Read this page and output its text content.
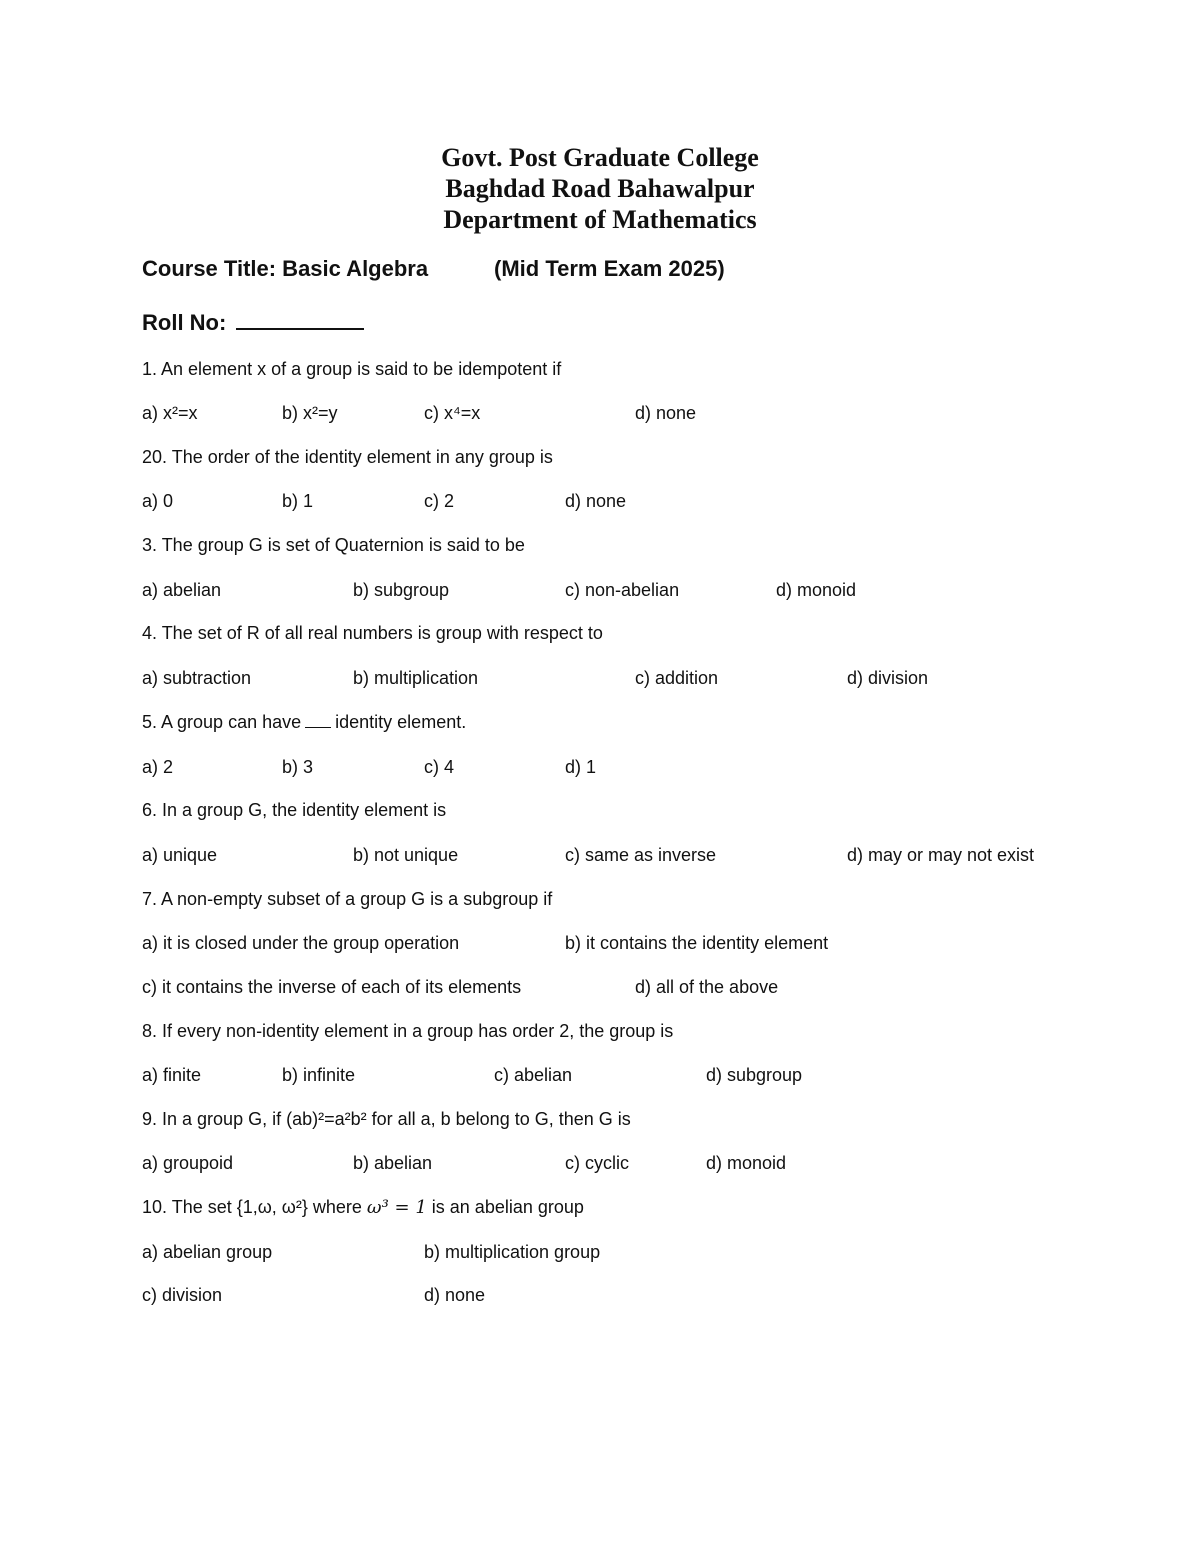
Govt. Post Graduate College
Baghdad Road Bahawalpur
Department of Mathematics
Course Title: Basic Algebra	(Mid Term Exam 2025)
Roll No:
1. An element x of a group is said to be idempotent if
a) x²=x	b) x²=y	c) x⁴=x	d) none
20. The order of the identity element in any group is
a) 0	b) 1	c) 2	d) none
3. The group G is set of Quaternion is said to be
a) abelian	b) subgroup	c) non-abelian	d) monoid
4. The set of R of all real numbers is group with respect to
a) subtraction	b) multiplication	c) addition	d) division
5. A group can have identity element.
a) 2	b) 3	c) 4	d) 1
6. In a group G, the identity element is
a) unique	b) not unique	c) same as inverse	d) may or may not exist
7. A non-empty subset of a group G is a subgroup if
a) it is closed under the group operation	b) it contains the identity element
c) it contains the inverse of each of its elements	d) all of the above
8. If every non-identity element in a group has order 2, the group is
a) finite	b) infinite	c) abelian	d) subgroup
9. In a group G, if (ab)²=a²b² for all a, b belong to G, then G is
a) groupoid	b) abelian	c) cyclic	d) monoid
10. The set {1,ω, ω²} where ω³ = 1 is an abelian group
a) abelian group	b) multiplication group
c) division	d) none
